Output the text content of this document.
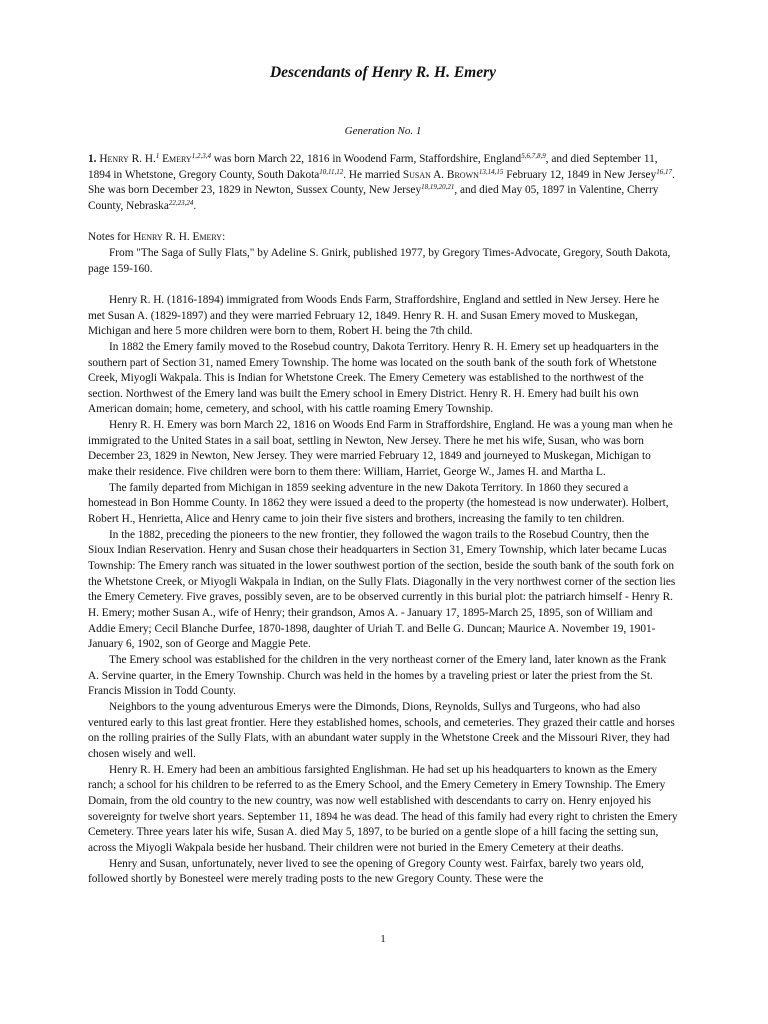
Descendants of Henry R. H. Emery
Generation No. 1

1. Henry R. H.$^1$ Emery$^{1,2,3,4}$ was born March 22, 1816 in Woodend Farm, Staffordshire, England$^{5,6,7,8,9}$, and died September 11, 1894 in Whetstone, Gregory County, South Dakota$^{10,11,12}$. He married Susan A. Brown$^{13,14,15}$ February 12, 1849 in New Jersey$^{16,17}$. She was born December 23, 1829 in Newton, Sussex County, New Jersey$^{18,19,20,21}$, and died May 05, 1897 in Valentine, Cherry County, Nebraska$^{22,23,24}$.

Notes for Henry R. H. Emery:

From "The Saga of Sully Flats," by Adeline S. Gnirk, published 1977, by Gregory Times-Advocate, Gregory, South Dakota, page 159-160.

Henry R. H. (1816-1894) immigrated from Woods Ends Farm, Straffordshire, England and settled in New Jersey. Here he met Susan A. (1829-1897) and they were married February 12, 1849. Henry R. H. and Susan Emery moved to Muskegan, Michigan and here 5 more children were born to them, Robert H. being the 7th child.

In 1882 the Emery family moved to the Rosebud country, Dakota Territory. Henry R. H. Emery set up headquarters in the southern part of Section 31, named Emery Township. The home was located on the south bank of the south fork of Whetstone Creek, Miyogli Wakpala. This is Indian for Whetstone Creek. The Emery Cemetery was established to the northwest of the section. Northwest of the Emery land was built the Emery school in Emery District. Henry R. H. Emery had built his own American domain; home, cemetery, and school, with his cattle roaming Emery Township.

Henry R. H. Emery was born March 22, 1816 on Woods End Farm in Straffordshire, England. He was a young man when he immigrated to the United States in a sail boat, settling in Newton, New Jersey. There he met his wife, Susan, who was born December 23, 1829 in Newton, New Jersey. They were married February 12, 1849 and journeyed to Muskegan, Michigan to make their residence. Five children were born to them there: William, Harriet, George W., James H. and Martha L.

The family departed from Michigan in 1859 seeking adventure in the new Dakota Territory. In 1860 they secured a homestead in Bon Homme County. In 1862 they were issued a deed to the property (the homestead is now underwater). Holbert, Robert H., Henrietta, Alice and Henry came to join their five sisters and brothers, increasing the family to ten children.

In the 1882, preceding the pioneers to the new frontier, they followed the wagon trails to the Rosebud Country, then the Sioux Indian Reservation. Henry and Susan chose their headquarters in Section 31, Emery Township, which later became Lucas Township: The Emery ranch was situated in the lower southwest portion of the section, beside the south bank of the south fork on the Whetstone Creek, or Miyogli Wakpala in Indian, on the Sully Flats. Diagonally in the very northwest corner of the section lies the Emery Cemetery. Five graves, possibly seven, are to be observed currently in this burial plot: the patriarch himself - Henry R. H. Emery; mother Susan A., wife of Henry; their grandson, Amos A. - January 17, 1895-March 25, 1895, son of William and Addie Emery; Cecil Blanche Durfee, 1870-1898, daughter of Uriah T. and Belle G. Duncan; Maurice A. November 19, 1901-January 6, 1902, son of George and Maggie Pete.

The Emery school was established for the children in the very northeast corner of the Emery land, later known as the Frank A. Servine quarter, in the Emery Township. Church was held in the homes by a traveling priest or later the priest from the St. Francis Mission in Todd County.

Neighbors to the young adventurous Emerys were the Dimonds, Dions, Reynolds, Sullys and Turgeons, who had also ventured early to this last great frontier. Here they established homes, schools, and cemeteries. They grazed their cattle and horses on the rolling prairies of the Sully Flats, with an abundant water supply in the Whetstone Creek and the Missouri River, they had chosen wisely and well.

Henry R. H. Emery had been an ambitious farsighted Englishman. He had set up his headquarters to known as the Emery ranch; a school for his children to be referred to as the Emery School, and the Emery Cemetery in Emery Township. The Emery Domain, from the old country to the new country, was now well established with descendants to carry on. Henry enjoyed his sovereignty for twelve short years. September 11, 1894 he was dead. The head of this family had every right to christen the Emery Cemetery. Three years later his wife, Susan A. died May 5, 1897, to be buried on a gentle slope of a hill facing the setting sun, across the Miyogli Wakpala beside her husband. Their children were not buried in the Emery Cemetery at their deaths.

Henry and Susan, unfortunately, never lived to see the opening of Gregory County west. Fairfax, barely two years old, followed shortly by Bonesteel were merely trading posts to the new Gregory County. These were the

1
